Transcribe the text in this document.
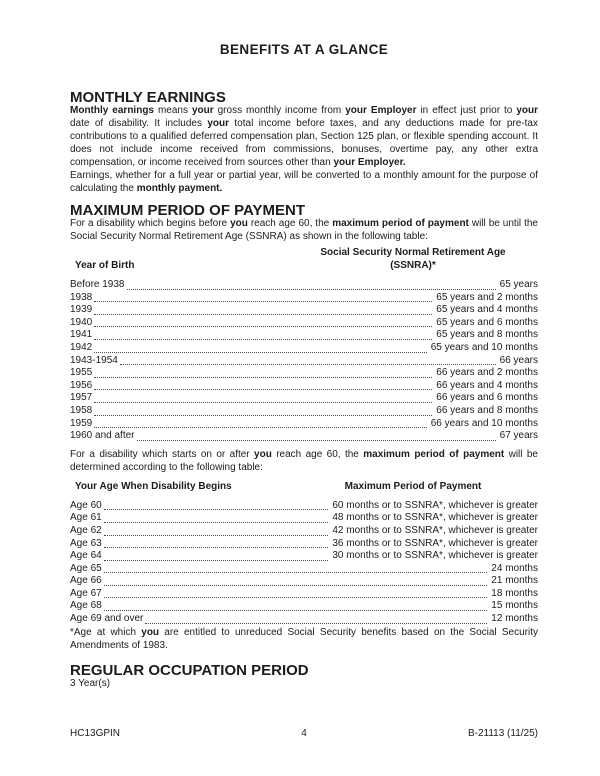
BENEFITS AT A GLANCE
MONTHLY EARNINGS

Monthly earnings means your gross monthly income from your Employer in effect just prior to your date of disability. It includes your total income before taxes, and any deductions made for pre-tax contributions to a qualified deferred compensation plan, Section 125 plan, or flexible spending account. It does not include income received from commissions, bonuses, overtime pay, any other extra compensation, or income received from sources other than your Employer.

Earnings, whether for a full year or partial year, will be converted to a monthly amount for the purpose of calculating the monthly payment.

MAXIMUM PERIOD OF PAYMENT

For a disability which begins before you reach age 60, the maximum period of payment will be until the Social Security Normal Retirement Age (SSNRA) as shown in the following table:

Year of Birth
Social Security Normal Retirement Age
(SSNRA)*
Before 1938	65 years
1938	65 years and 2 months
1939	65 years and 4 months
1940	65 years and 6 months
1941	65 years and 8 months
1942	65 years and 10 months
1943-1954	66 years
1955	66 years and 2 months
1956	66 years and 4 months
1957	66 years and 6 months
1958	66 years and 8 months
1959	66 years and 10 months
1960 and after	67 years

For a disability which starts on or after you reach age 60, the maximum period of payment will be determined according to the following table:

Your Age When Disability Begins	Maximum Period of Payment
Age 60	60 months or to SSNRA*, whichever is greater
Age 61	48 months or to SSNRA*, whichever is greater
Age 62	42 months or to SSNRA*, whichever is greater
Age 63	36 months or to SSNRA*, whichever is greater
Age 64	30 months or to SSNRA*, whichever is greater
Age 65	24 months
Age 66	21 months
Age 67	18 months
Age 68	15 months
Age 69 and over	12 months

*Age at which you are entitled to unreduced Social Security benefits based on the Social Security Amendments of 1983.

REGULAR OCCUPATION PERIOD

3 Year(s)

HC13GPIN	4	B-21113 (11/25)
